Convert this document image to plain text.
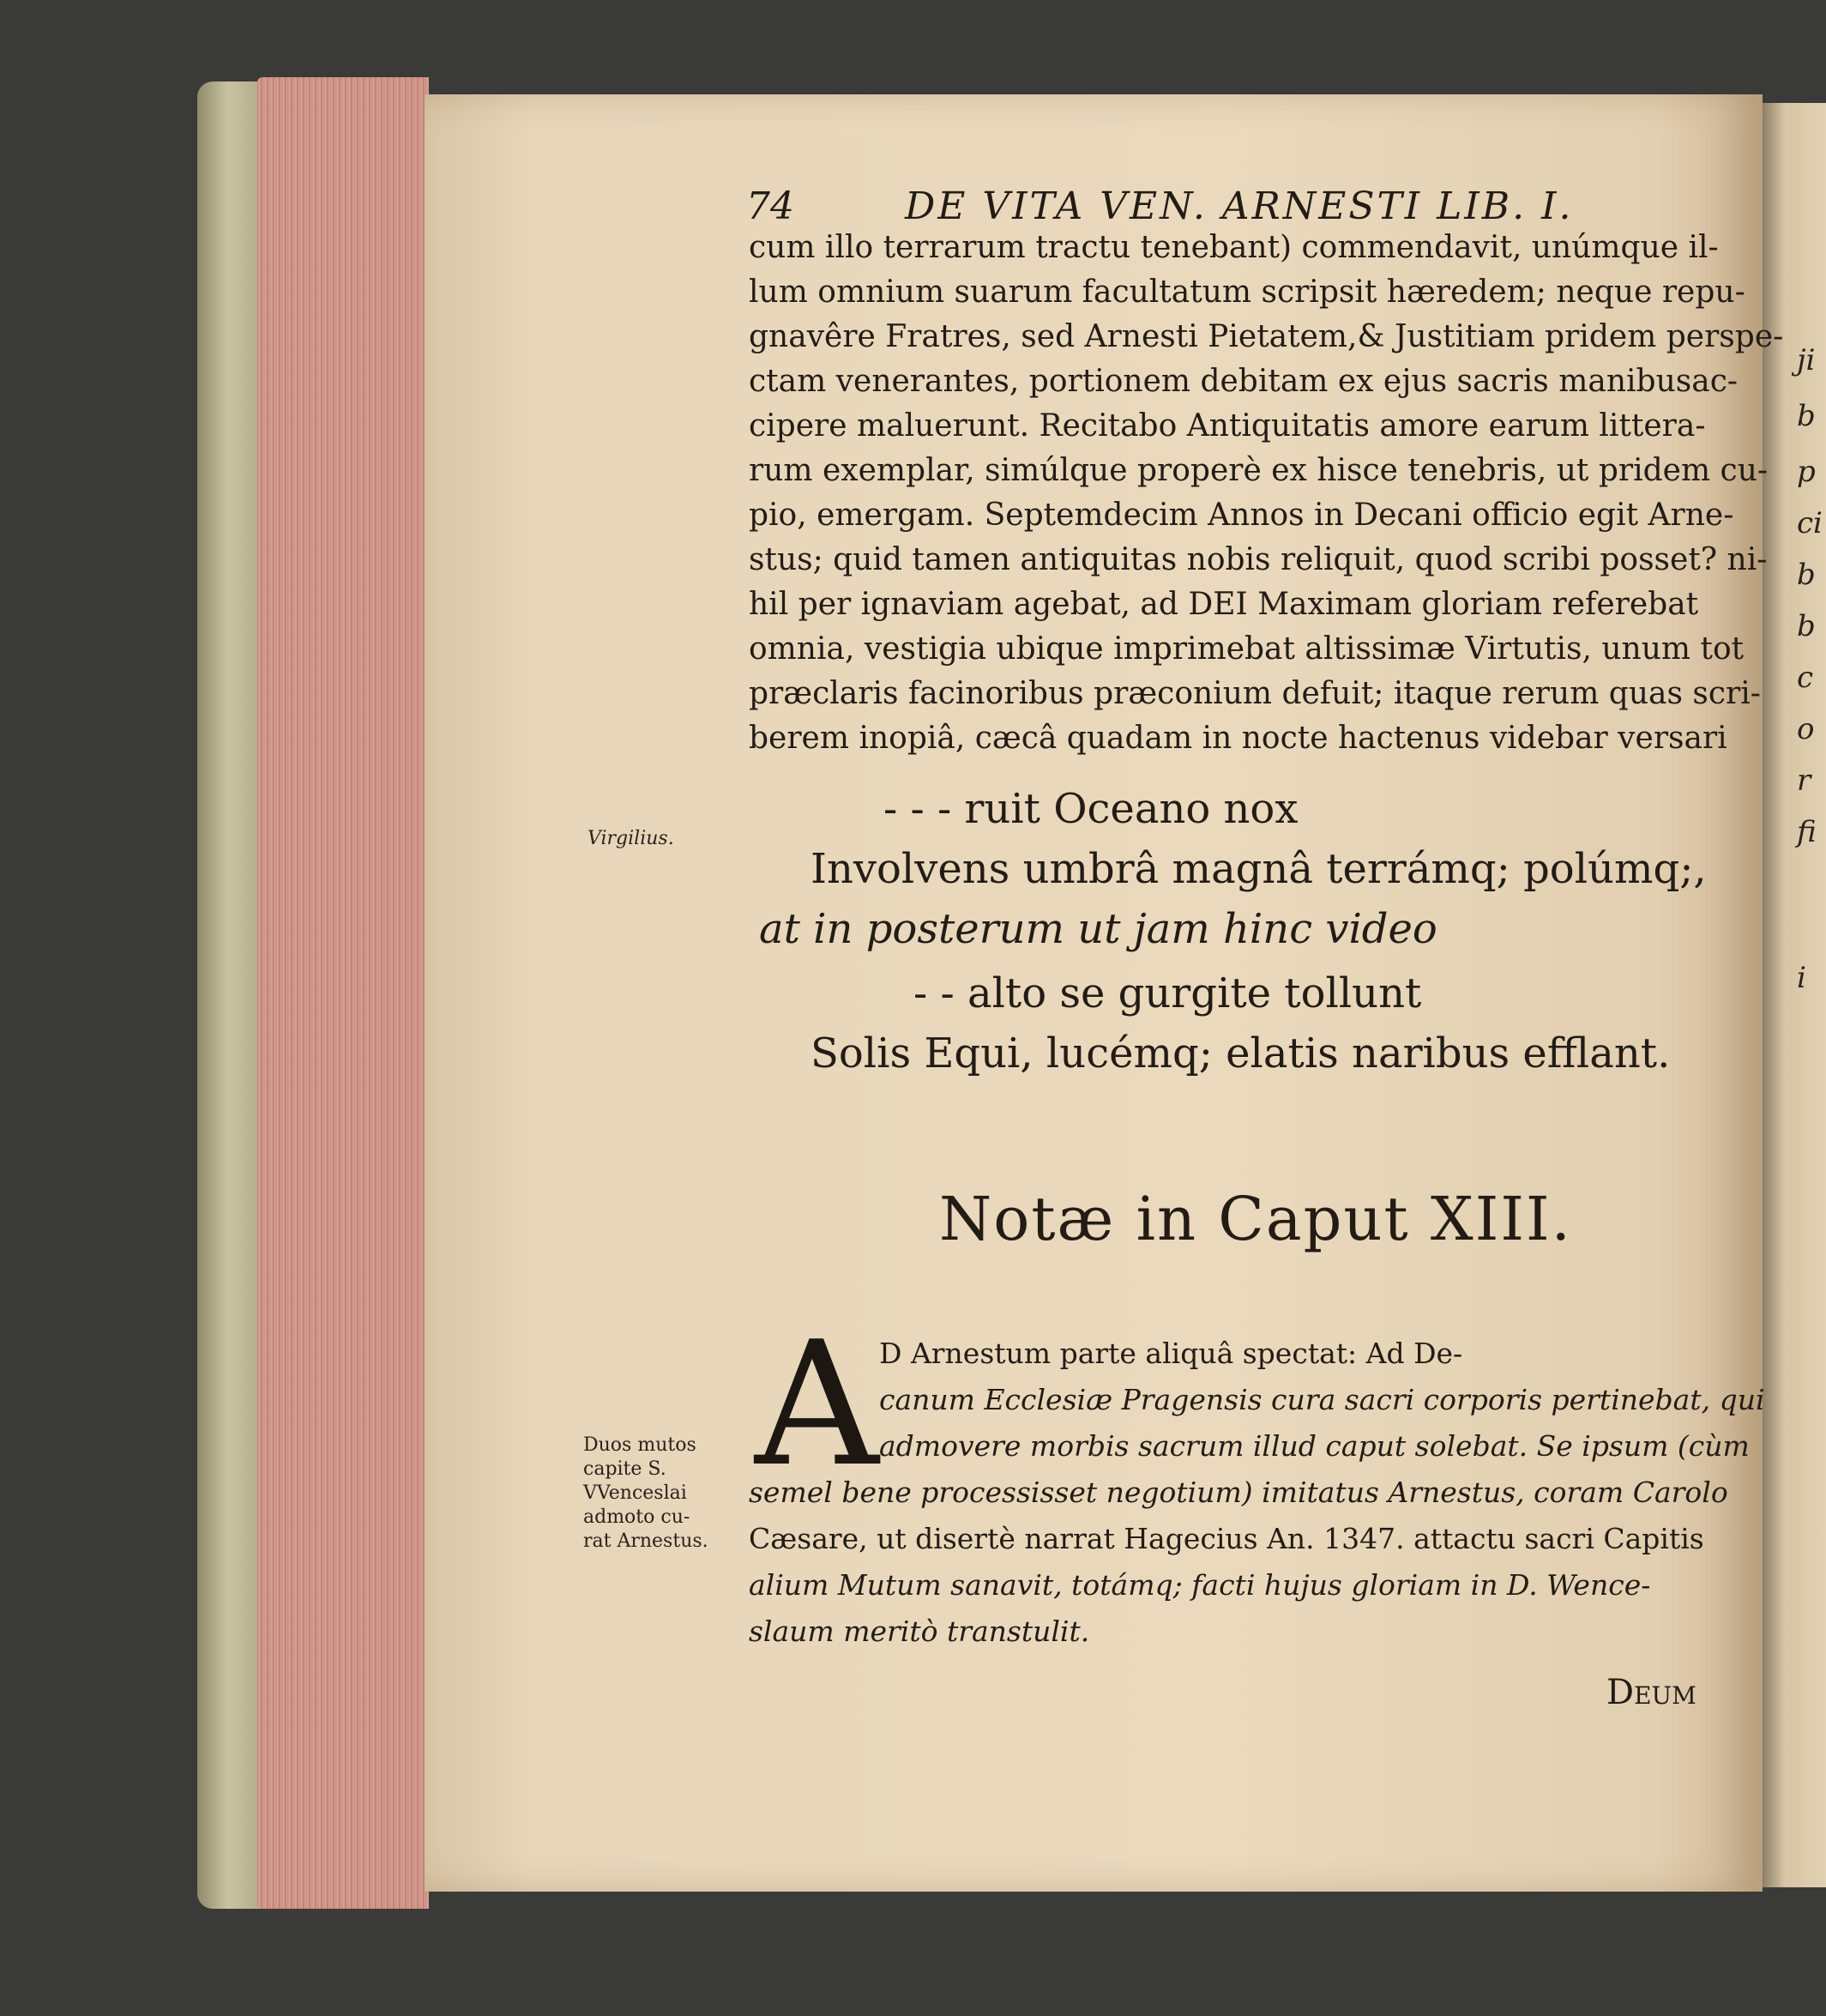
ji
b
p
ci
b
b
c
o
r
fi
i
74	DE VITA VEN. ARNESTI LIB. I.
cum illo terrarum tractu tenebant) commendavit, unúmque il-
lum omnium suarum facultatum scripsit hæredem; neque repu-
gnavêre Fratres, sed Arnesti Pietatem,& Justitiam pridem perspe-
ctam venerantes, portionem debitam ex ejus sacris manibusac-
cipere maluerunt. Recitabo Antiquitatis amore earum littera-
rum exemplar, simúlque properè ex hisce tenebris, ut pridem cu-
pio, emergam. Septemdecim Annos in Decani officio egit Arne-
stus; quid tamen antiquitas nobis reliquit, quod scribi posset? ni-
hil per ignaviam agebat, ad DEI Maximam gloriam referebat
omnia, vestigia ubique imprimebat altissimæ Virtutis, unum tot
præclaris facinoribus præconium defuit; itaque rerum quas scri-
berem inopiâ, cæcâ quadam in nocte hactenus videbar versari
Virgilius.
- - - ruit Oceano nox
Involvens umbrâ magnâ terrámq; polúmq;,
at in posterum ut jam hinc video
- - alto se gurgite tollunt
Solis Equi, lucémq; elatis naribus efflant.
Notæ in Caput XIII.
A D Arnestum parte aliquâ spectat: Ad De-
canum Ecclesiæ Pragensis cura sacri corporis pertinebat, qui
admovere morbis sacrum illud caput solebat. Se ipsum (cùm
semel bene processisset negotium) imitatus Arnestus, coram Carolo
Cæsare, ut disertè narrat Hagecius An. 1347. attactu sacri Capitis
alium Mutum sanavit, totámq; facti hujus gloriam in D. Wence-
slaum meritò transtulit.
Duos mutos
capite S.
VVenceslai
admoto cu-
rat Arnestus.
Deum
